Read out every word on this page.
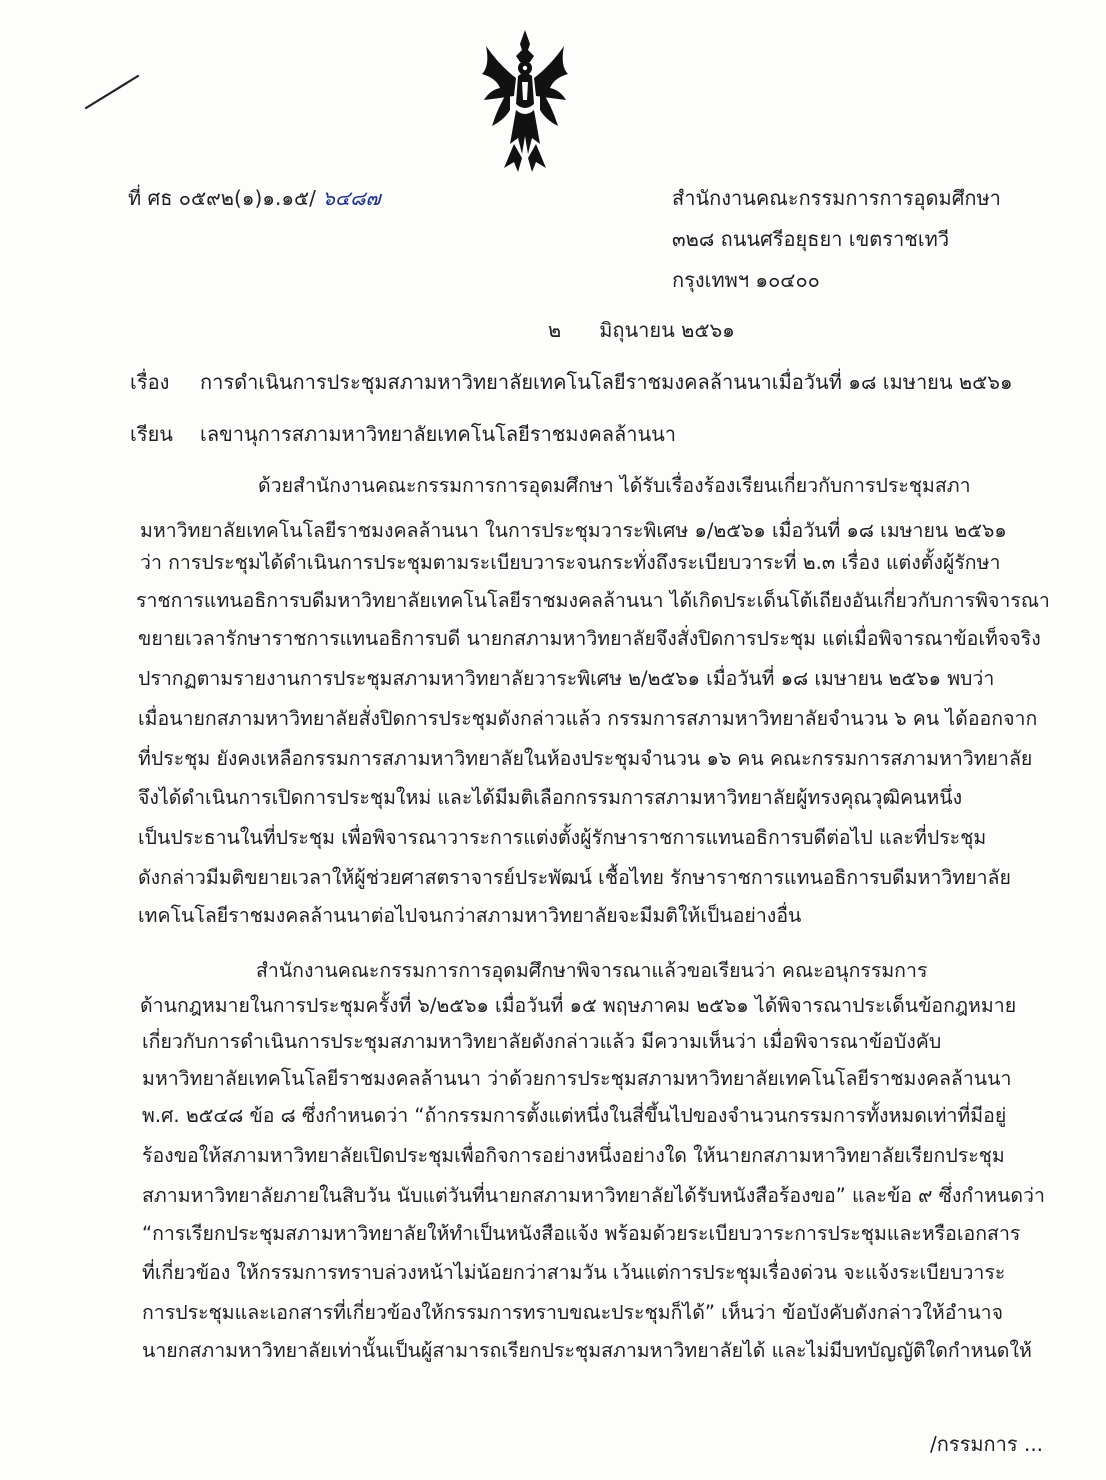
ที่ ศธ ๐๕๙๒(๑)๑.๑๕/ ๖๔๘๗	สำนักงานคณะกรรมการการอุดมศึกษา
๓๒๘ ถนนศรีอยุธยา เขตราชเทวี
กรุงเทพฯ ๑๐๔๐๐
๒ มิถุนายน ๒๕๖๑
เรื่อง การดำเนินการประชุมสภามหาวิทยาลัยเทคโนโลยีราชมงคลล้านนาเมื่อวันที่ ๑๘ เมษายน ๒๕๖๑
เรียน เลขานุการสภามหาวิทยาลัยเทคโนโลยีราชมงคลล้านนา
ด้วยสำนักงานคณะกรรมการการอุดมศึกษา ได้รับเรื่องร้องเรียนเกี่ยวกับการประชุมสภา
มหาวิทยาลัยเทคโนโลยีราชมงคลล้านนา ในการประชุมวาระพิเศษ ๑/๒๕๖๑ เมื่อวันที่ ๑๘ เมษายน ๒๕๖๑
ว่า การประชุมได้ดำเนินการประชุมตามระเบียบวาระจนกระทั่งถึงระเบียบวาระที่ ๒.๓ เรื่อง แต่งตั้งผู้รักษา
ราชการแทนอธิการบดีมหาวิทยาลัยเทคโนโลยีราชมงคลล้านนา ได้เกิดประเด็นโต้เถียงอันเกี่ยวกับการพิจารณา
ขยายเวลารักษาราชการแทนอธิการบดี นายกสภามหาวิทยาลัยจึงสั่งปิดการประชุม แต่เมื่อพิจารณาข้อเท็จจริง
ปรากฏตามรายงานการประชุมสภามหาวิทยาลัยวาระพิเศษ ๒/๒๕๖๑ เมื่อวันที่ ๑๘ เมษายน ๒๕๖๑ พบว่า
เมื่อนายกสภามหาวิทยาลัยสั่งปิดการประชุมดังกล่าวแล้ว กรรมการสภามหาวิทยาลัยจำนวน ๖ คน ได้ออกจาก
ที่ประชุม ยังคงเหลือกรรมการสภามหาวิทยาลัยในห้องประชุมจำนวน ๑๖ คน คณะกรรมการสภามหาวิทยาลัย
จึงได้ดำเนินการเปิดการประชุมใหม่ และได้มีมติเลือกกรรมการสภามหาวิทยาลัยผู้ทรงคุณวุฒิคนหนึ่ง
เป็นประธานในที่ประชุม เพื่อพิจารณาวาระการแต่งตั้งผู้รักษาราชการแทนอธิการบดีต่อไป และที่ประชุม
ดังกล่าวมีมติขยายเวลาให้ผู้ช่วยศาสตราจารย์ประพัฒน์ เชื้อไทย รักษาราชการแทนอธิการบดีมหาวิทยาลัย
เทคโนโลยีราชมงคลล้านนาต่อไปจนกว่าสภามหาวิทยาลัยจะมีมติให้เป็นอย่างอื่น
สำนักงานคณะกรรมการการอุดมศึกษาพิจารณาแล้วขอเรียนว่า คณะอนุกรรมการ
ด้านกฎหมายในการประชุมครั้งที่ ๖/๒๕๖๑ เมื่อวันที่ ๑๕ พฤษภาคม ๒๕๖๑ ได้พิจารณาประเด็นข้อกฎหมาย
เกี่ยวกับการดำเนินการประชุมสภามหาวิทยาลัยดังกล่าวแล้ว มีความเห็นว่า เมื่อพิจารณาข้อบังคับ
มหาวิทยาลัยเทคโนโลยีราชมงคลล้านนา ว่าด้วยการประชุมสภามหาวิทยาลัยเทคโนโลยีราชมงคลล้านนา
พ.ศ. ๒๕๔๘ ข้อ ๘ ซึ่งกำหนดว่า “ถ้ากรรมการตั้งแต่หนึ่งในสี่ขึ้นไปของจำนวนกรรมการทั้งหมดเท่าที่มีอยู่
ร้องขอให้สภามหาวิทยาลัยเปิดประชุมเพื่อกิจการอย่างหนึ่งอย่างใด ให้นายกสภามหาวิทยาลัยเรียกประชุม
สภามหาวิทยาลัยภายในสิบวัน นับแต่วันที่นายกสภามหาวิทยาลัยได้รับหนังสือร้องขอ” และข้อ ๙ ซึ่งกำหนดว่า
“การเรียกประชุมสภามหาวิทยาลัยให้ทำเป็นหนังสือแจ้ง พร้อมด้วยระเบียบวาระการประชุมและหรือเอกสาร
ที่เกี่ยวข้อง ให้กรรมการทราบล่วงหน้าไม่น้อยกว่าสามวัน เว้นแต่การประชุมเรื่องด่วน จะแจ้งระเบียบวาระ
การประชุมและเอกสารที่เกี่ยวข้องให้กรรมการทราบขณะประชุมก็ได้” เห็นว่า ข้อบังคับดังกล่าวให้อำนาจ
นายกสภามหาวิทยาลัยเท่านั้นเป็นผู้สามารถเรียกประชุมสภามหาวิทยาลัยได้ และไม่มีบทบัญญัติใดกำหนดให้
/กรรมการ ...
